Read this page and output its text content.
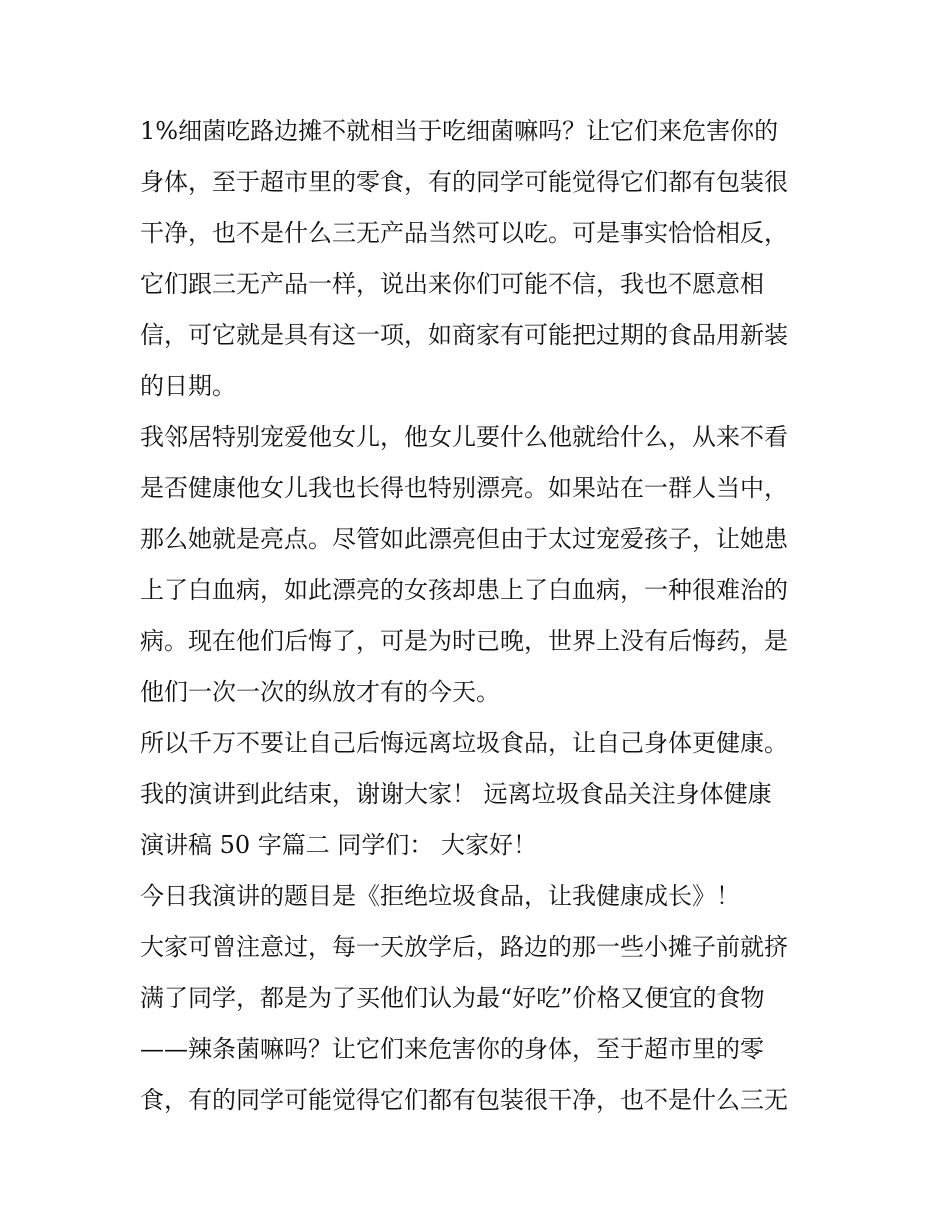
1%细菌吃路边摊不就相当于吃细菌嘛吗？让它们来危害你的
身体，至于超市里的零食，有的同学可能觉得它们都有包装很
干净，也不是什么三无产品当然可以吃。可是事实恰恰相反，
它们跟三无产品一样，说出来你们可能不信，我也不愿意相
信，可它就是具有这一项，如商家有可能把过期的食品用新装
的日期。
我邻居特别宠爱他女儿，他女儿要什么他就给什么，从来不看
是否健康他女儿我也长得也特别漂亮。如果站在一群人当中，
那么她就是亮点。尽管如此漂亮但由于太过宠爱孩子，让她患
上了白血病，如此漂亮的女孩却患上了白血病，一种很难治的
病。现在他们后悔了，可是为时已晚，世界上没有后悔药，是
他们一次一次的纵放才有的今天。
所以千万不要让自己后悔远离垃圾食品，让自己身体更健康。
我的演讲到此结束，谢谢大家！ 远离垃圾食品关注身体健康
演讲稿 50 字篇二 同学们： 大家好！
今日我演讲的题目是《拒绝垃圾食品，让我健康成长》！
大家可曾注意过，每一天放学后，路边的那一些小摊子前就挤
满了同学，都是为了买他们认为最“好吃”价格又便宜的食物
——辣条菌嘛吗？让它们来危害你的身体，至于超市里的零
食，有的同学可能觉得它们都有包装很干净，也不是什么三无
